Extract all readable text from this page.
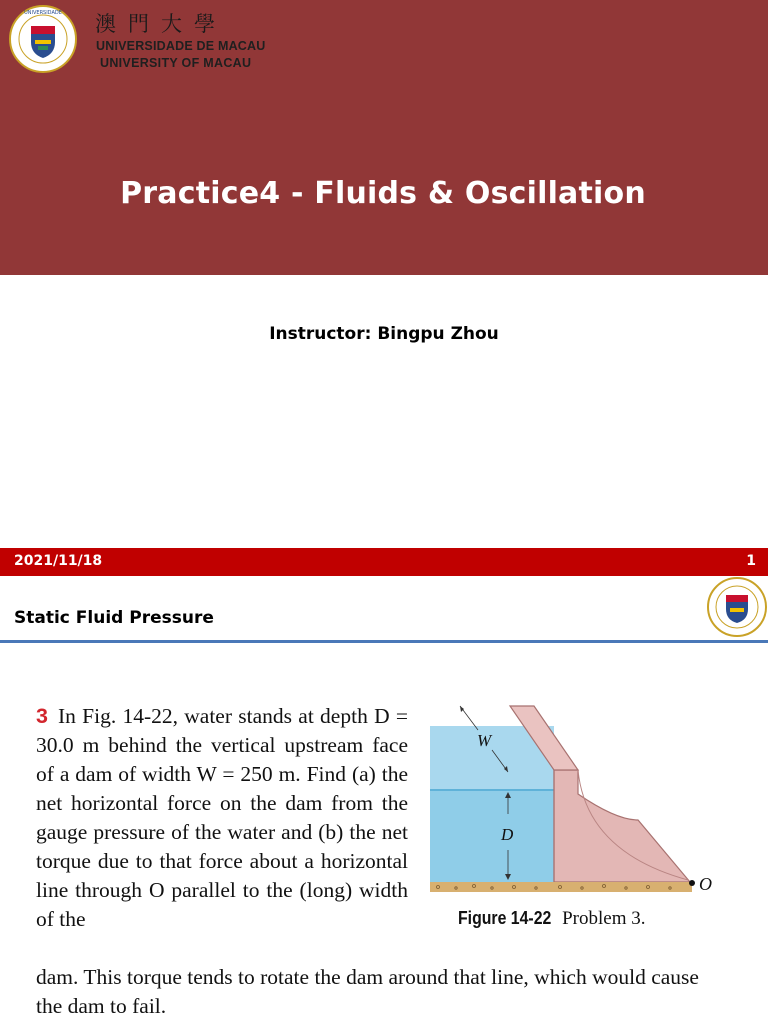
UNIVERSIDADE 澳門大學
UNIVERSIDADE DE MACAU
UNIVERSITY OF MACAU
Practice4 - Fluids & Oscillation
Instructor: Bingpu Zhou
2021/11/18	1
Static Fluid Pressure
3 In Fig. 14-22, water stands at depth D = 30.0 m behind the vertical upstream face of a dam of width W = 250 m. Find (a) the net horizontal force on the dam from the gauge pressure of the water and (b) the net torque due to that force about a horizontal line through O parallel to the (long) width of the
dam. This torque tends to rotate the dam around that line, which would cause the dam to fail.
W
D
O
Figure 14-22 Problem 3.
